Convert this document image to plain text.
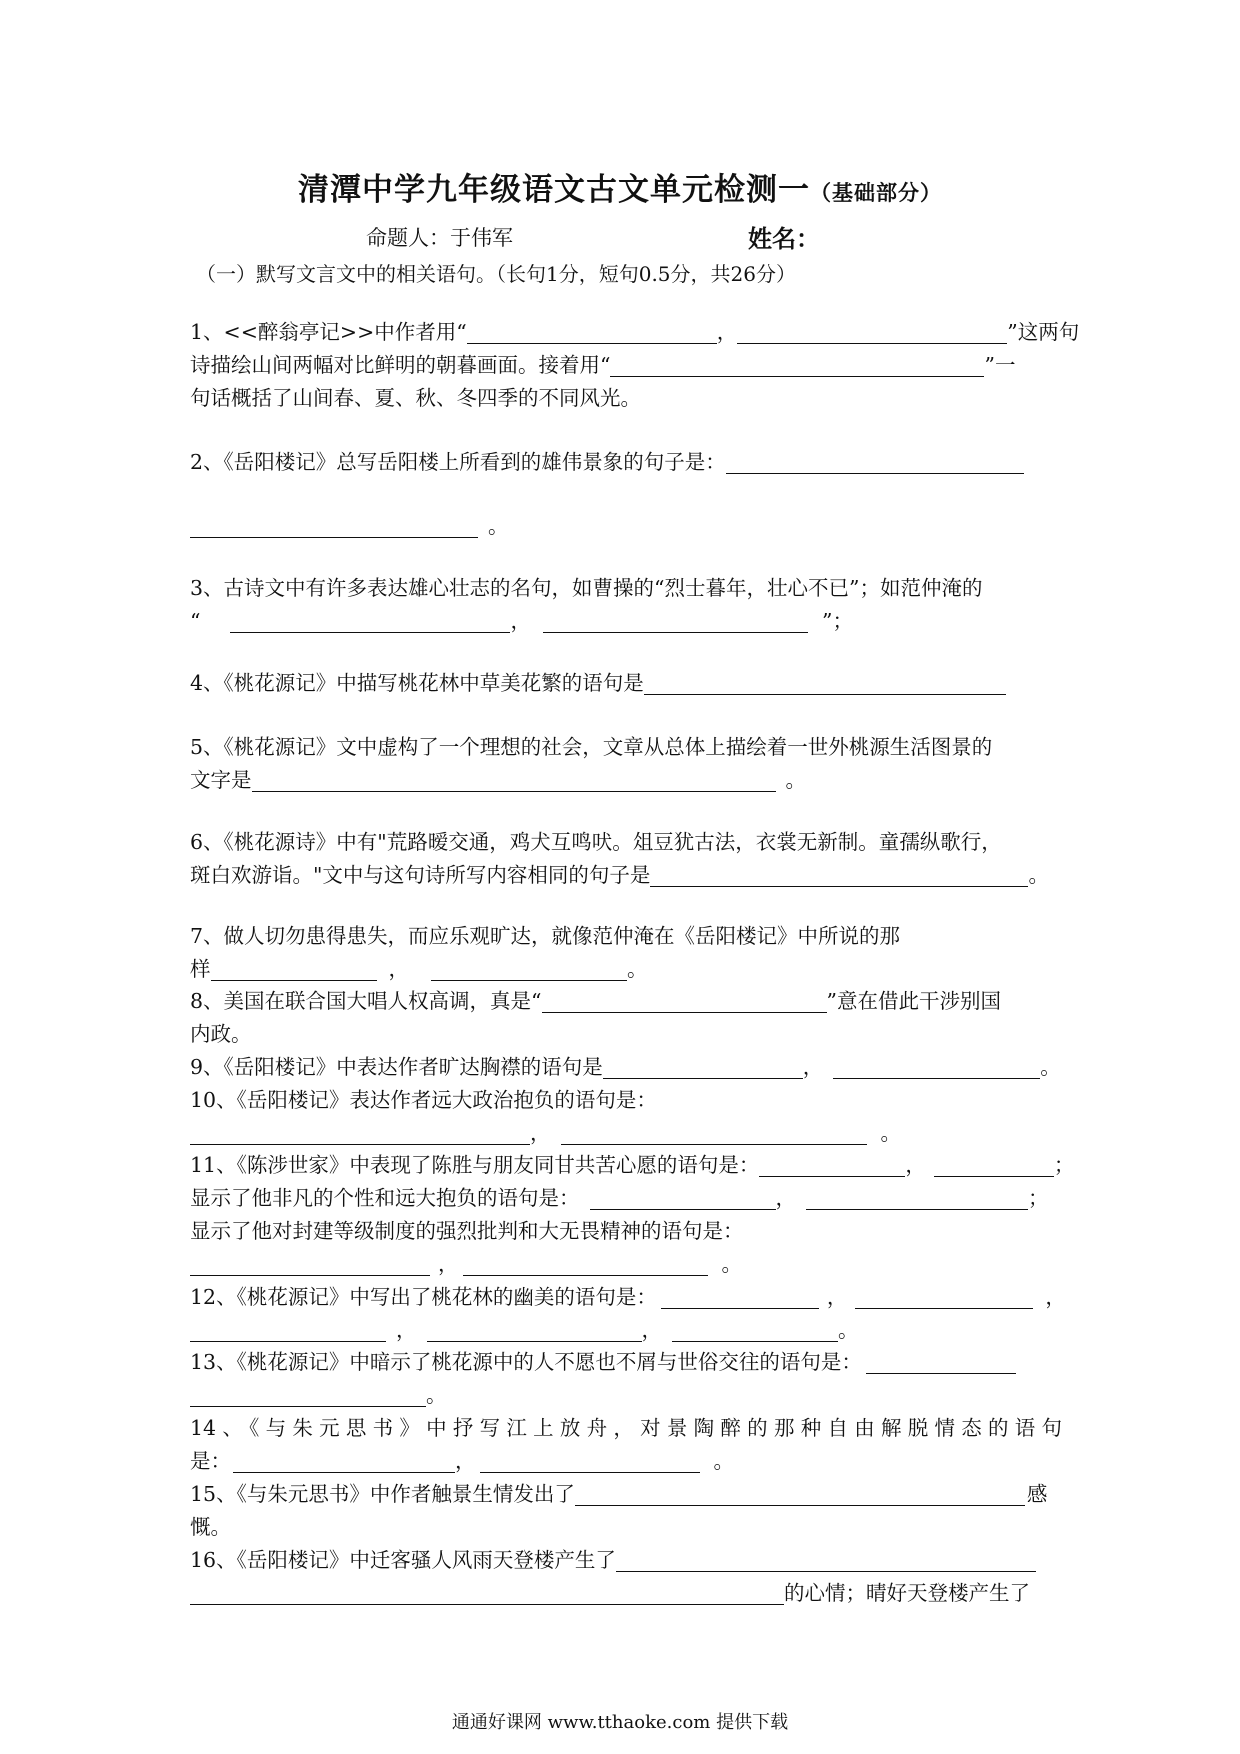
清潭中学九年级语文古文单元检测一（基础部分）
命题人：于伟军	姓名：
（一）默写文言文中的相关语句。（长句1分，短句0.5分，共26分）
1、<<醉翁亭记>>中作者用“	，	”这两句
诗描绘山间两幅对比鲜明的朝暮画面。接着用“	”一
句话概括了山间春、夏、秋、冬四季的不同风光。
2、《岳阳楼记》总写岳阳楼上所看到的雄伟景象的句子是：
。
3、古诗文中有许多表达雄心壮志的名句，如曹操的“烈士暮年，壮心不已”；如范仲淹的
“	，	”；
4、《桃花源记》中描写桃花林中草美花繁的语句是
5、《桃花源记》文中虚构了一个理想的社会，文章从总体上描绘着一世外桃源生活图景的
文字是	。
6、《桃花源诗》中有"荒路暧交通，鸡犬互鸣吠。俎豆犹古法，衣裳无新制。童孺纵歌行，
斑白欢游诣。"文中与这句诗所写内容相同的句子是	。
7、做人切勿患得患失，而应乐观旷达，就像范仲淹在《岳阳楼记》中所说的那
样	，	。
8、美国在联合国大唱人权高调，真是“	”意在借此干涉别国
内政。
9、《岳阳楼记》中表达作者旷达胸襟的语句是	，	。
10、《岳阳楼记》表达作者远大政治抱负的语句是：
，	。
11、《陈涉世家》中表现了陈胜与朋友同甘共苦心愿的语句是：	，	；
显示了他非凡的个性和远大抱负的语句是：	，	；
显示了他对封建等级制度的强烈批判和大无畏精神的语句是：
，	。
12、《桃花源记》中写出了桃花林的幽美的语句是：	，	，
，	，	。
13、《桃花源记》中暗示了桃花源中的人不愿也不屑与世俗交往的语句是：
。
14、《与朱元思书》中抒写江上放舟，对景陶醉的那种自由解脱情态的语句
是：	，	。
15、《与朱元思书》中作者触景生情发出了	感
慨。
16、《岳阳楼记》中迁客骚人风雨天登楼产生了
的心情；晴好天登楼产生了
通通好课网 www.tthaoke.com 提供下载
